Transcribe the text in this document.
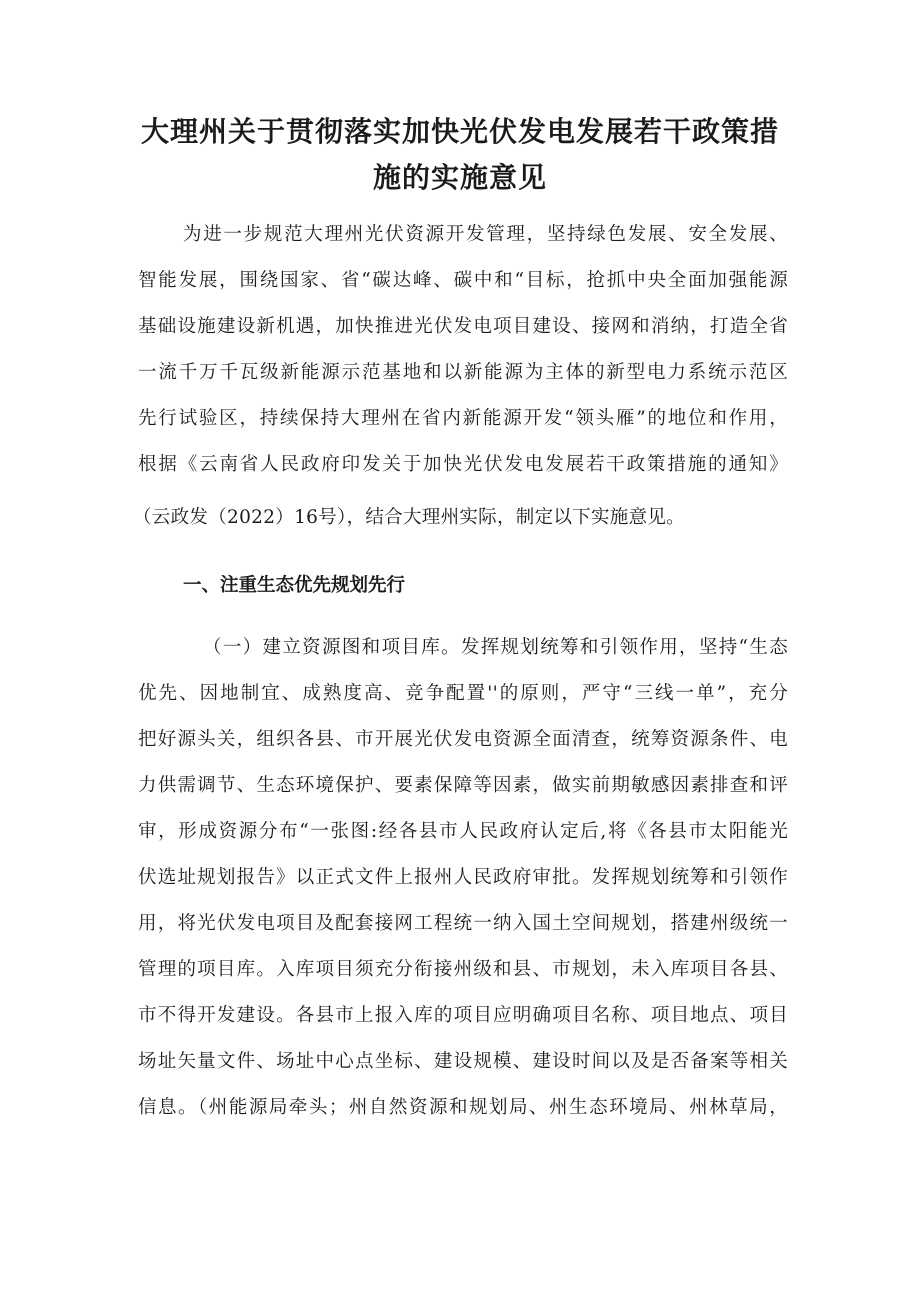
大理州关于贯彻落实加快光伏发电发展若干政策措
施的实施意见
为进一步规范大理州光伏资源开发管理，坚持绿色发展、安全发展、
智能发展，围绕国家、省“碳达峰、碳中和“目标，抢抓中央全面加强能源
基础设施建设新机遇，加快推进光伏发电项目建设、接网和消纳，打造全省
一流千万千瓦级新能源示范基地和以新能源为主体的新型电力系统示范区
先行试验区，持续保持大理州在省内新能源开发“领头雁”的地位和作用，
根据《云南省人民政府印发关于加快光伏发电发展若干政策措施的通知》
（云政发（2022）16号），结合大理州实际，制定以下实施意见。
一、注重生态优先规划先行
（一）建立资源图和项目库。发挥规划统筹和引领作用，坚持“生态
优先、因地制宜、成熟度高、竞争配置''的原则，严守“三线一单”，充分
把好源头关，组织各县、市开展光伏发电资源全面清查，统筹资源条件、电
力供需调节、生态环境保护、要素保障等因素，做实前期敏感因素排查和评
审，形成资源分布“一张图:经各县市人民政府认定后,将《各县市太阳能光
伏选址规划报告》以正式文件上报州人民政府审批。发挥规划统筹和引领作
用，将光伏发电项目及配套接网工程统一纳入国土空间规划，搭建州级统一
管理的项目库。入库项目须充分衔接州级和县、市规划，未入库项目各县、
市不得开发建设。各县市上报入库的项目应明确项目名称、项目地点、项目
场址矢量文件、场址中心点坐标、建设规模、建设时间以及是否备案等相关
信息。（州能源局牵头；州自然资源和规划局、州生态环境局、州林草局，
